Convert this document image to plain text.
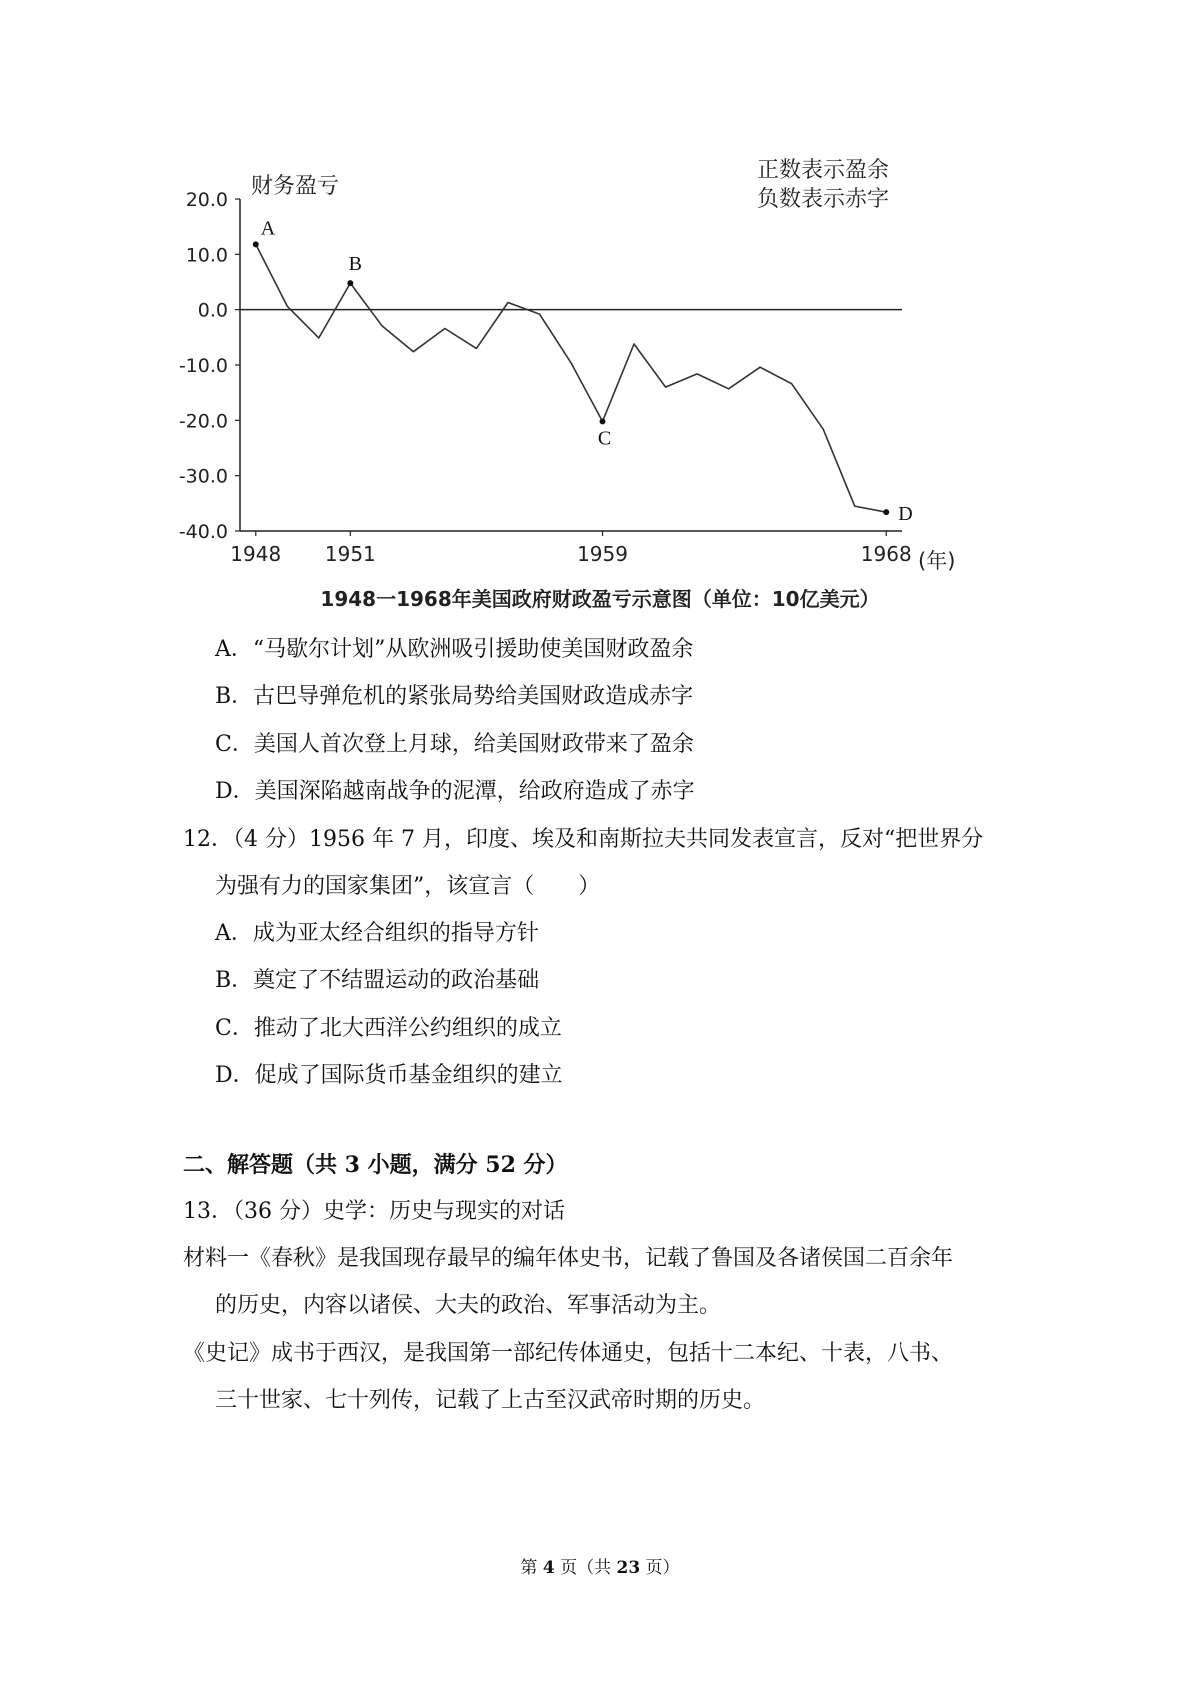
20.0
10.0
0.0
-10.0
-20.0
-30.0
-40.0
1948 1951	1959	1968
A
B
C
D
财务盈亏
正数表示盈余
负数表示赤字
(年)
1948一1968年美国政府财政盈亏示意图（单位：10亿美元）
A．“马歇尔计划”从欧洲吸引援助使美国财政盈余
B．古巴导弹危机的紧张局势给美国财政造成赤字
C．美国人首次登上月球，给美国财政带来了盈余
D．美国深陷越南战争的泥潭，给政府造成了赤字
12．（4 分）1956 年 7 月，印度、埃及和南斯拉夫共同发表宣言，反对“把世界分
为强有力的国家集团”，该宣言（　　）
A．成为亚太经合组织的指导方针
B．奠定了不结盟运动的政治基础
C．推动了北大西洋公约组织的成立
D．促成了国际货币基金组织的建立
二、解答题（共 3 小题，满分 52 分）
13．（36 分）史学：历史与现实的对话
材料一《春秋》是我国现存最早的编年体史书，记载了鲁国及各诸侯国二百余年
的历史，内容以诸侯、大夫的政治、军事活动为主。
《史记》成书于西汉，是我国第一部纪传体通史，包括十二本纪、十表，八书、
三十世家、七十列传，记载了上古至汉武帝时期的历史。
第 4 页（共 23 页）
